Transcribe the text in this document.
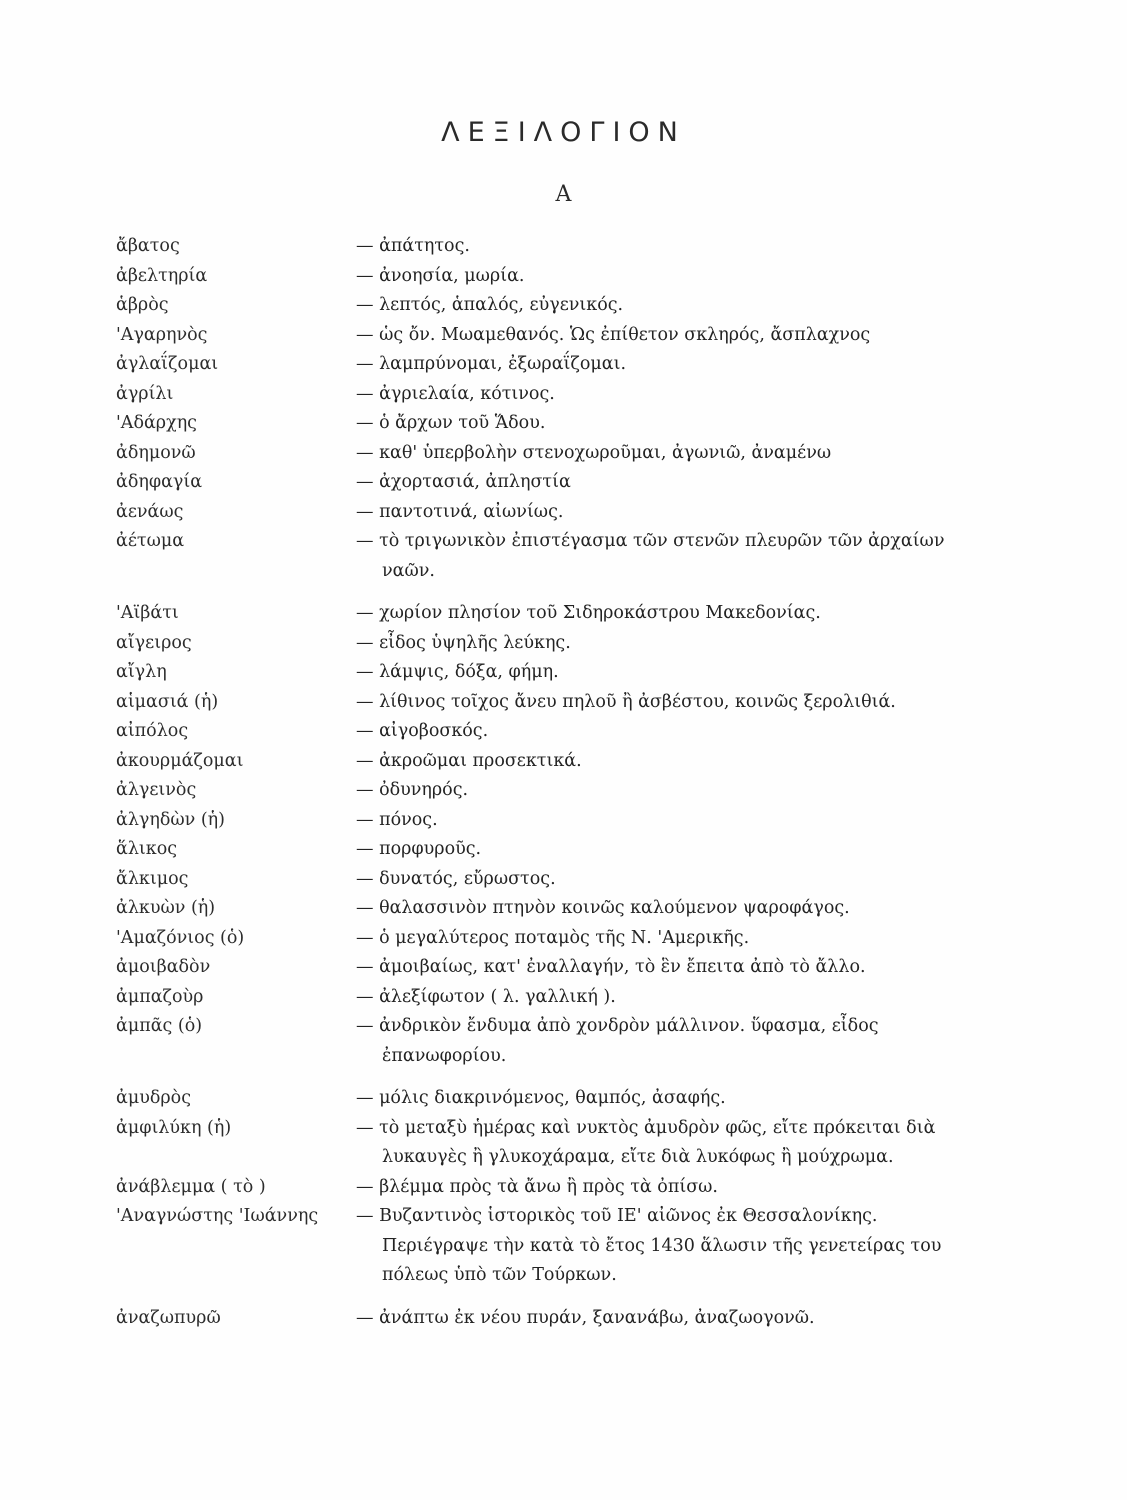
ΛΕΞΙΛΟΓΙΟΝ
Α
ἄβατος	— ἀπάτητος.
ἀβελτηρία	— ἀνοησία, μωρία.
ἁβρὸς	— λεπτός, ἁπαλός, εὐγενικός.
'Αγαρηνὸς	— ὡς ὄν. Μωαμεθανός. Ὡς ἐπίθετον σκληρός, ἄσπλαχνος
ἀγλαΐζομαι	— λαμπρύνομαι, ἐξωραΐζομαι.
ἀγρίλι	— ἀγριελαία, κότινος.
'Αδάρχης	— ὁ ἄρχων τοῦ Ἅδου.
ἀδημονῶ	— καθ' ὑπερβολὴν στενοχωροῦμαι, ἀγωνιῶ, ἀναμένω
ἀδηφαγία	— ἀχορτασιά, ἀπληστία
ἀενάως	— παντοτινά, αἰωνίως.
ἀέτωμα	— τὸ τριγωνικὸν ἐπιστέγασμα τῶν στενῶν πλευρῶν τῶν ἀρχαίων ναῶν.
'Αϊβάτι	— χωρίον πλησίον τοῦ Σιδηροκάστρου Μακεδονίας.
αἴγειρος	— εἶδος ὑψηλῆς λεύκης.
αἴγλη	— λάμψις, δόξα, φήμη.
αἱμασιά (ἡ)	— λίθινος τοῖχος ἄνευ πηλοῦ ἢ ἀσβέστου, κοινῶς ξερολιθιά.
αἰπόλος	— αἰγοβοσκός.
ἀκουρμάζομαι	— ἀκροῶμαι προσεκτικά.
ἀλγεινὸς	— ὀδυνηρός.
ἀλγηδὼν (ἡ)	— πόνος.
ἅλικος	— πορφυροῦς.
ἄλκιμος	— δυνατός, εὔρωστος.
ἀλκυὼν (ἡ)	— θαλασσινὸν πτηνὸν κοινῶς καλούμενον ψαροφάγος.
'Αμαζόνιος (ὁ)	— ὁ μεγαλύτερος ποταμὸς τῆς Ν. 'Αμερικῆς.
ἀμοιβαδὸν	— ἀμοιβαίως, κατ' ἐναλλαγήν, τὸ ἓν ἔπειτα ἀπὸ τὸ ἄλλο.
ἀμπαζοὺρ	— ἀλεξίφωτον ( λ. γαλλική ).
ἀμπᾶς (ὁ)	— ἀνδρικὸν ἔνδυμα ἀπὸ χονδρὸν μάλλινον. ὕφασμα, εἶδος ἐπανωφορίου.
ἀμυδρὸς	— μόλις διακρινόμενος, θαμπός, ἀσαφής.
ἀμφιλύκη (ἡ)	— τὸ μεταξὺ ἡμέρας καὶ νυκτὸς ἀμυδρὸν φῶς, εἴτε πρόκειται διὰ λυκαυγὲς ἢ γλυκοχάραμα, εἴτε διὰ λυκόφως ἢ μούχρωμα.
ἀνάβλεμμα ( τὸ )	— βλέμμα πρὸς τὰ ἄνω ἢ πρὸς τὰ ὀπίσω.
'Αναγνώστης 'Ιωάννης	— Βυζαντινὸς ἱστορικὸς τοῦ ΙΕ' αἰῶνος ἐκ Θεσσαλονίκης. Περιέγραψε τὴν κατὰ τὸ ἔτος 1430 ἅλωσιν τῆς γενετείρας του πόλεως ὑπὸ τῶν Τούρκων.
ἀναζωπυρῶ	— ἀνάπτω ἐκ νέου πυράν, ξανανάβω, ἀναζωογονῶ.
